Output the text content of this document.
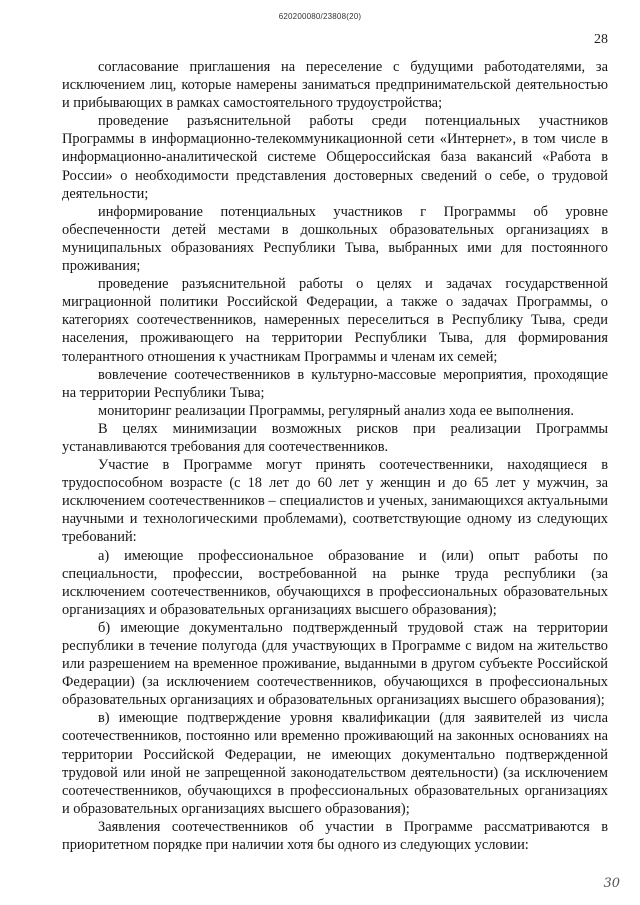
620200080/23808(20)
28

согласование приглашения на переселение с будущими работодателями, за исключением лиц, которые намерены заниматься предпринимательской деятельностью и прибывающих в рамках самостоятельного трудоустройства;

проведение разъяснительной работы среди потенциальных участников Программы в информационно-телекоммуникационной сети «Интернет», в том числе в информационно-аналитической системе Общероссийская база вакансий «Работа в России» о необходимости представления достоверных сведений о себе, о трудовой деятельности;

информирование потенциальных участников г Программы об уровне обеспеченности детей местами в дошкольных образовательных организациях в муниципальных образованиях Республики Тыва, выбранных ими для постоянного проживания;

проведение разъяснительной работы о целях и задачах государственной миграционной политики Российской Федерации, а также о задачах Программы, о категориях соотечественников, намеренных переселиться в Республику Тыва, среди населения, проживающего на территории Республики Тыва, для формирования толерантного отношения к участникам Программы и членам их семей;

вовлечение соотечественников в культурно-массовые мероприятия, проходящие на территории Республики Тыва;

мониторинг реализации Программы, регулярный анализ хода ее выполнения.

В целях минимизации возможных рисков при реализации Программы устанавливаются требования для соотечественников.

Участие в Программе могут принять соотечественники, находящиеся в трудоспособном возрасте (с 18 лет до 60 лет у женщин и до 65 лет у мужчин, за исключением соотечественников – специалистов и ученых, занимающихся актуальными научными и технологическими проблемами), соответствующие одному из следующих требований:

а) имеющие профессиональное образование и (или) опыт работы по специальности, профессии, востребованной на рынке труда республики (за исключением соотечественников, обучающихся в профессиональных образовательных организациях и образовательных организациях высшего образования);

б) имеющие документально подтвержденный трудовой стаж на территории республики в течение полугода (для участвующих в Программе с видом на жительство или разрешением на временное проживание, выданными в другом субъекте Российской Федерации) (за исключением соотечественников, обучающихся в профессиональных образовательных организациях и образовательных организациях высшего образования);

в) имеющие подтверждение уровня квалификации (для заявителей из числа соотечественников, постоянно или временно проживающий на законных основаниях на территории Российской Федерации, не имеющих документально подтвержденной трудовой или иной не запрещенной законодательством деятельности) (за исключением соотечественников, обучающихся в профессиональных образовательных организациях и образовательных организациях высшего образования);

Заявления соотечественников об участии в Программе рассматриваются в приоритетном порядке при наличии хотя бы одного из следующих условии:

30
